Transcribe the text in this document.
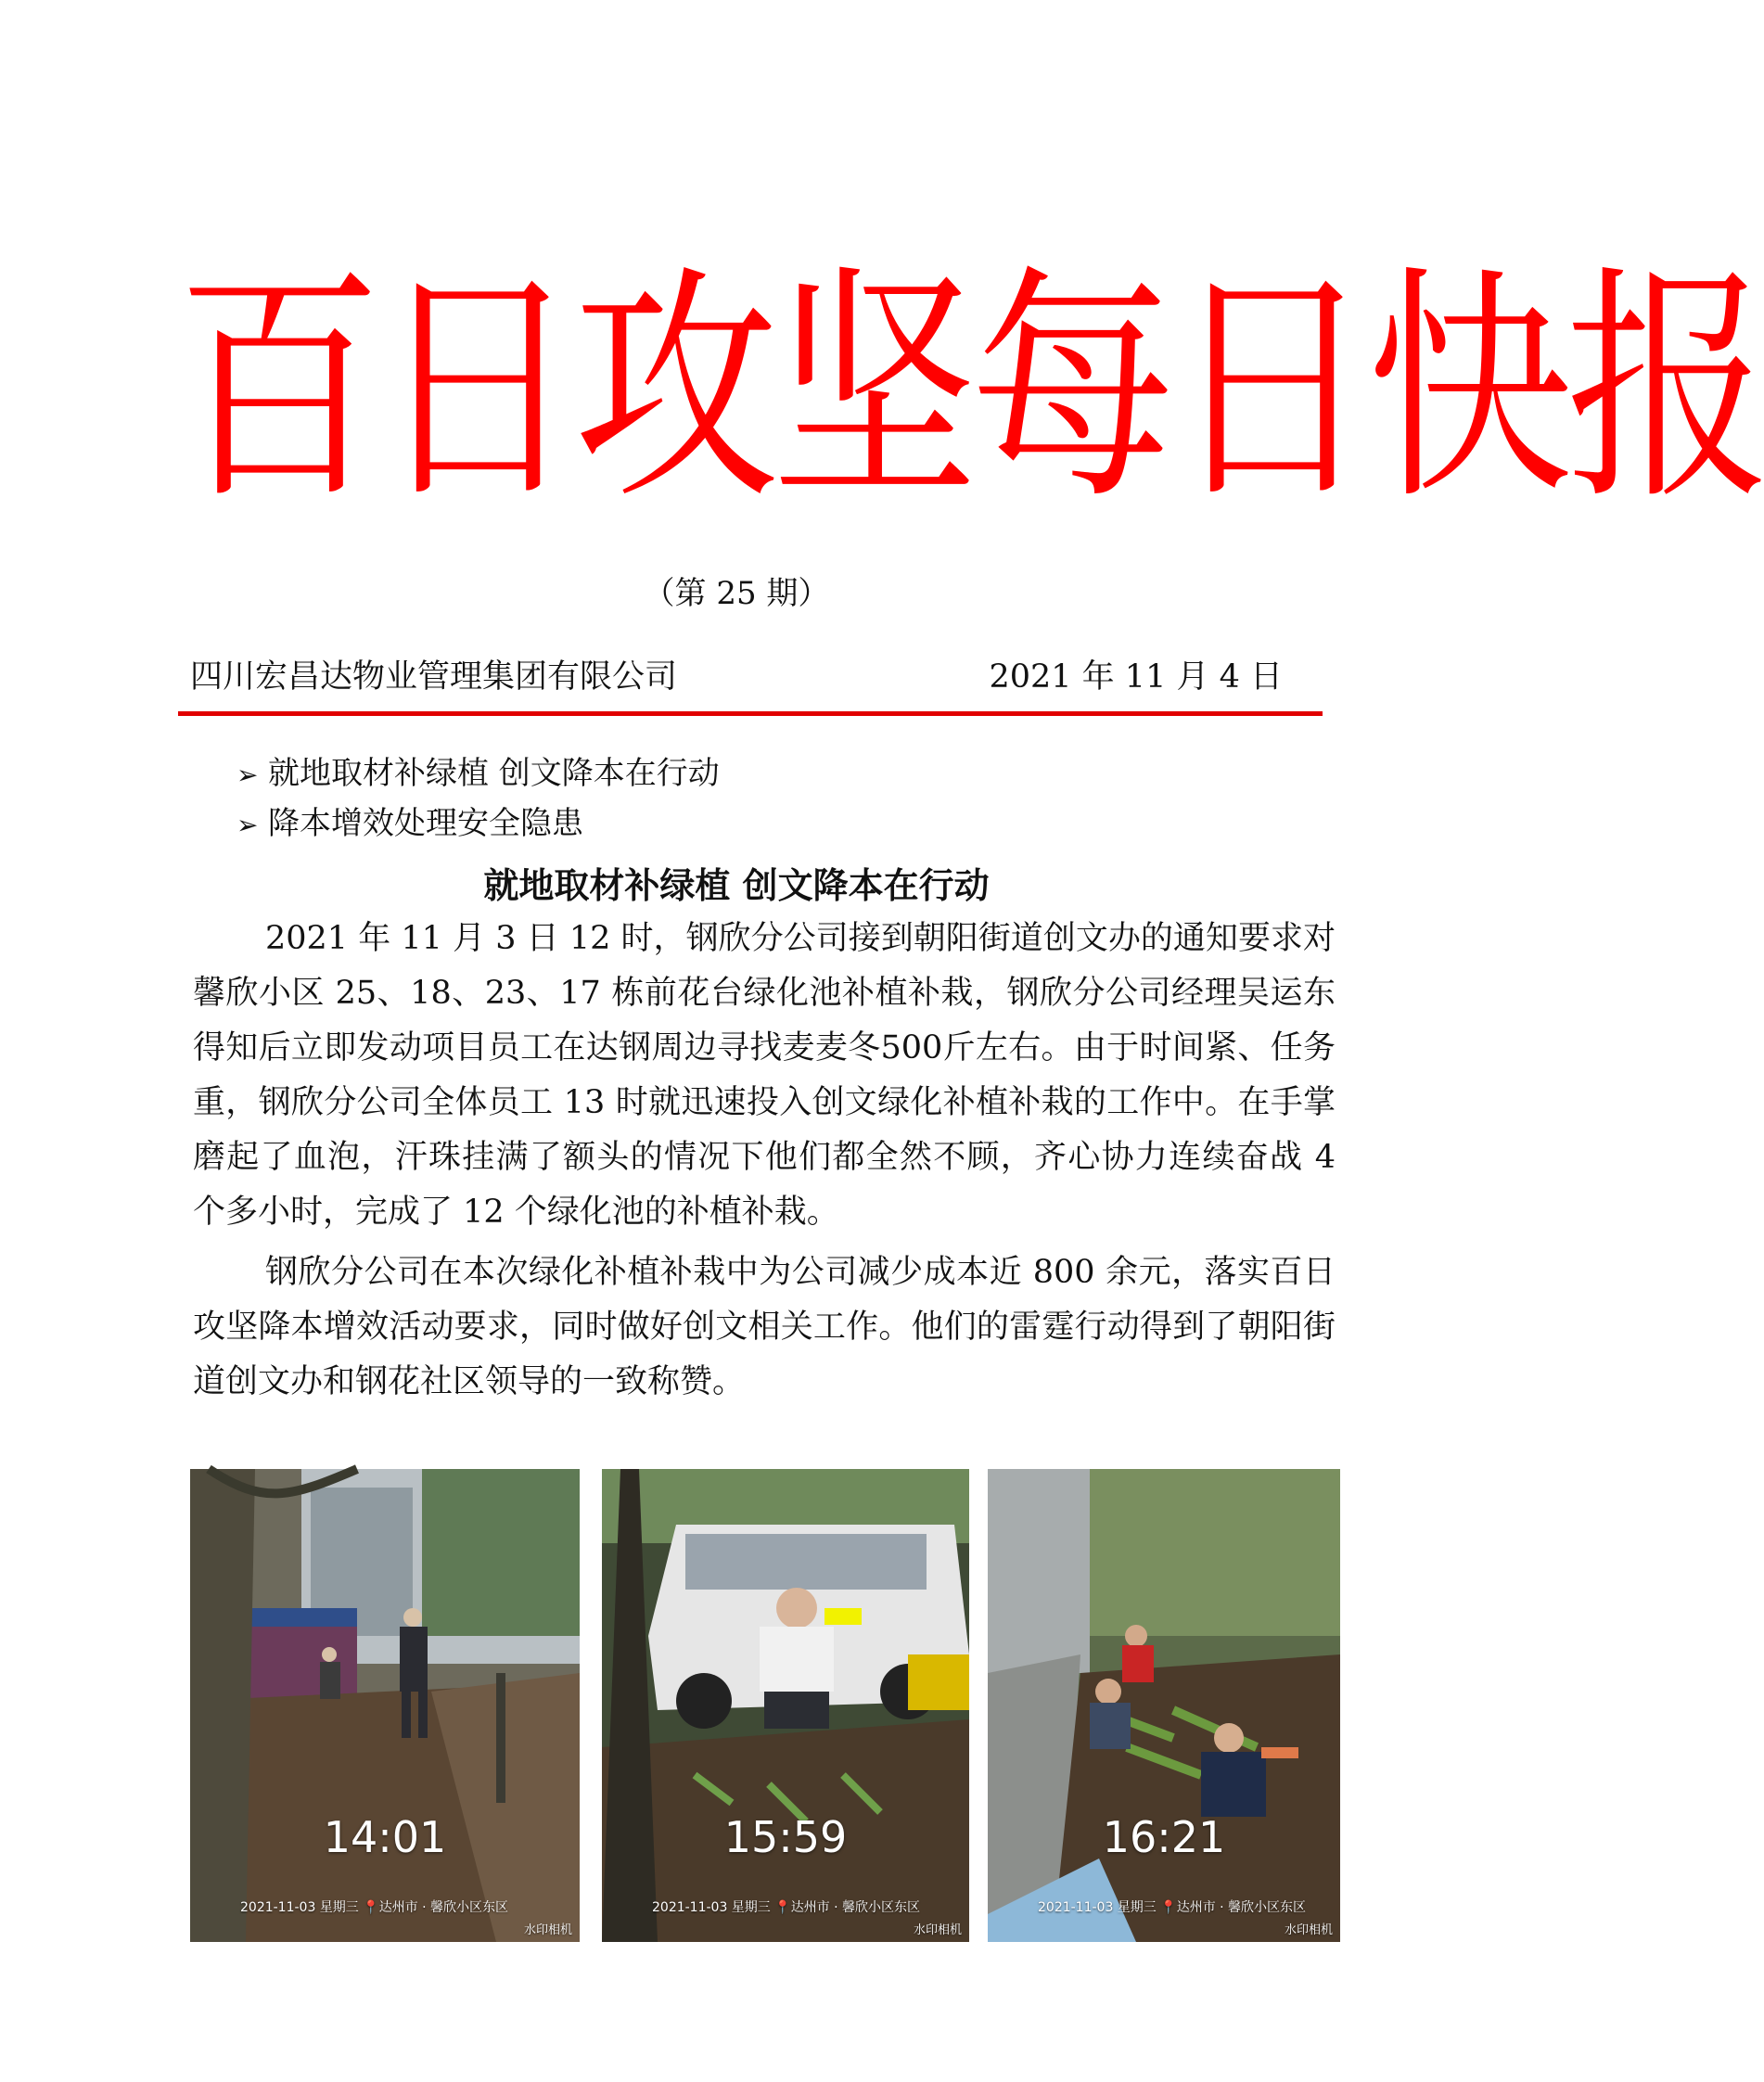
百日攻坚每日快报
（第 25 期）
四川宏昌达物业管理集团有限公司	2021 年 11 月 4 日
➢ 就地取材补绿植 创文降本在行动
➢ 降本增效处理安全隐患
就地取材补绿植 创文降本在行动

2021 年 11 月 3 日 12 时，钢欣分公司接到朝阳街道创文办的通知要求对馨欣小区 25、18、23、17 栋前花台绿化池补植补栽，钢欣分公司经理吴运东得知后立即发动项目员工在达钢周边寻找麦麦冬500斤左右。由于时间紧、任务重，钢欣分公司全体员工 13 时就迅速投入创文绿化补植补栽的工作中。在手掌磨起了血泡，汗珠挂满了额头的情况下他们都全然不顾，齐心协力连续奋战 4 个多小时，完成了 12 个绿化池的补植补栽。

钢欣分公司在本次绿化补植补栽中为公司减少成本近 800 余元，落实百日攻坚降本增效活动要求，同时做好创文相关工作。他们的雷霆行动得到了朝阳街道创文办和钢花社区领导的一致称赞。

14:01
2021-11-03 星期三 📍达州市 · 馨欣小区东区
水印相机
15:59
2021-11-03 星期三 📍达州市 · 馨欣小区东区
水印相机
16:21
2021-11-03 星期三 📍达州市 · 馨欣小区东区
水印相机
